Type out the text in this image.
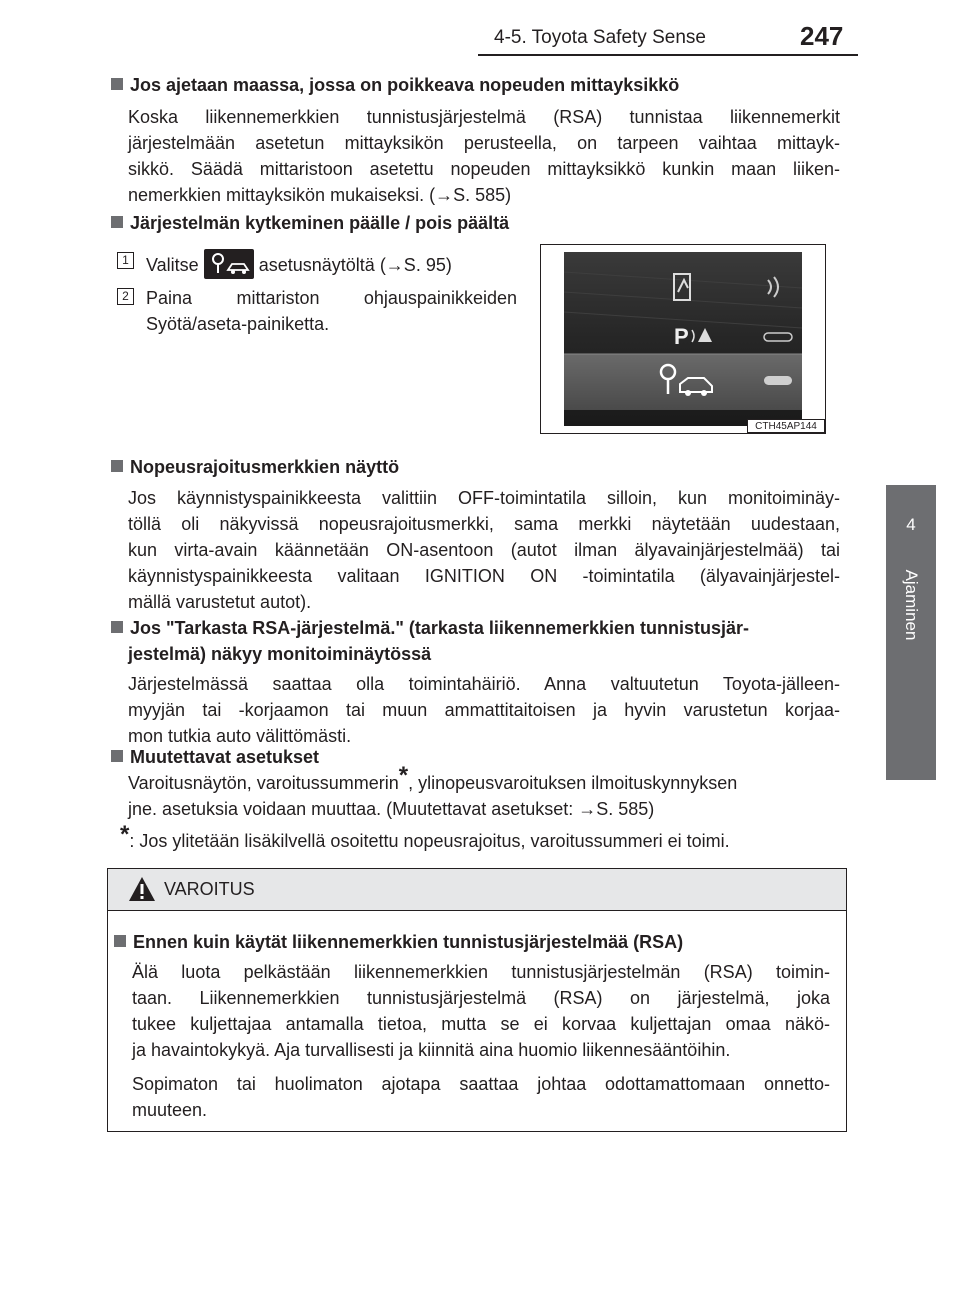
4-5. Toyota Safety Sense	247
4
Ajaminen
Jos ajetaan maassa, jossa on poikkeava nopeuden mittayksikkö
Koska liikennemerkkien tunnistusjärjestelmä (RSA) tunnistaa liikennemerkit
järjestelmään asetetun mittayksikön perusteella, on tarpeen vaihtaa mittayk-
sikkö. Säädä mittaristoon asetettu nopeuden mittayksikkö kunkin maan liiken-
nemerkkien mittayksikön mukaiseksi. (→S. 585)
Järjestelmän kytkeminen päälle / pois päältä
1 Valitse	asetusnäytöltä (→S. 95)
2 Paina mittariston ohjauspainikkeiden
Syötä/aseta-painiketta.	P
CTH45AP144
Nopeusrajoitusmerkkien näyttö
Jos käynnistyspainikkeesta valittiin OFF-toimintatila silloin, kun monitoiminäy-
töllä oli näkyvissä nopeusrajoitusmerkki, sama merkki näytetään uudestaan,
kun virta-avain käännetään ON-asentoon (autot ilman älyavainjärjestelmää) tai
käynnistyspainikkeesta valitaan IGNITION ON -toimintatila (älyavainjärjestel-
mällä varustetut autot).
Jos "Tarkasta RSA-järjestelmä." (tarkasta liikennemerkkien tunnistusjär-
jestelmä) näkyy monitoiminäytössä
Järjestelmässä saattaa olla toimintahäiriö. Anna valtuutetun Toyota-jälleen-
myyjän tai -korjaamon tai muun ammattitaitoisen ja hyvin varustetun korjaa-
mon tutkia auto välittömästi.
Muutettavat asetukset
Varoitusnäytön, varoitussummerin*, ylinopeusvaroituksen ilmoituskynnyksen
jne. asetuksia voidaan muuttaa. (Muutettavat asetukset: →S. 585)
*: Jos ylitetään lisäkilvellä osoitettu nopeusrajoitus, varoitussummeri ei toimi.
VAROITUS
Ennen kuin käytät liikennemerkkien tunnistusjärjestelmää (RSA)
Älä luota pelkästään liikennemerkkien tunnistusjärjestelmän (RSA) toimin-
taan. Liikennemerkkien tunnistusjärjestelmä (RSA) on järjestelmä, joka
tukee kuljettajaa antamalla tietoa, mutta se ei korvaa kuljettajan omaa näkö-
ja havaintokykyä. Aja turvallisesti ja kiinnitä aina huomio liikennesääntöihin.
Sopimaton tai huolimaton ajotapa saattaa johtaa odottamattomaan onnetto-
muuteen.
